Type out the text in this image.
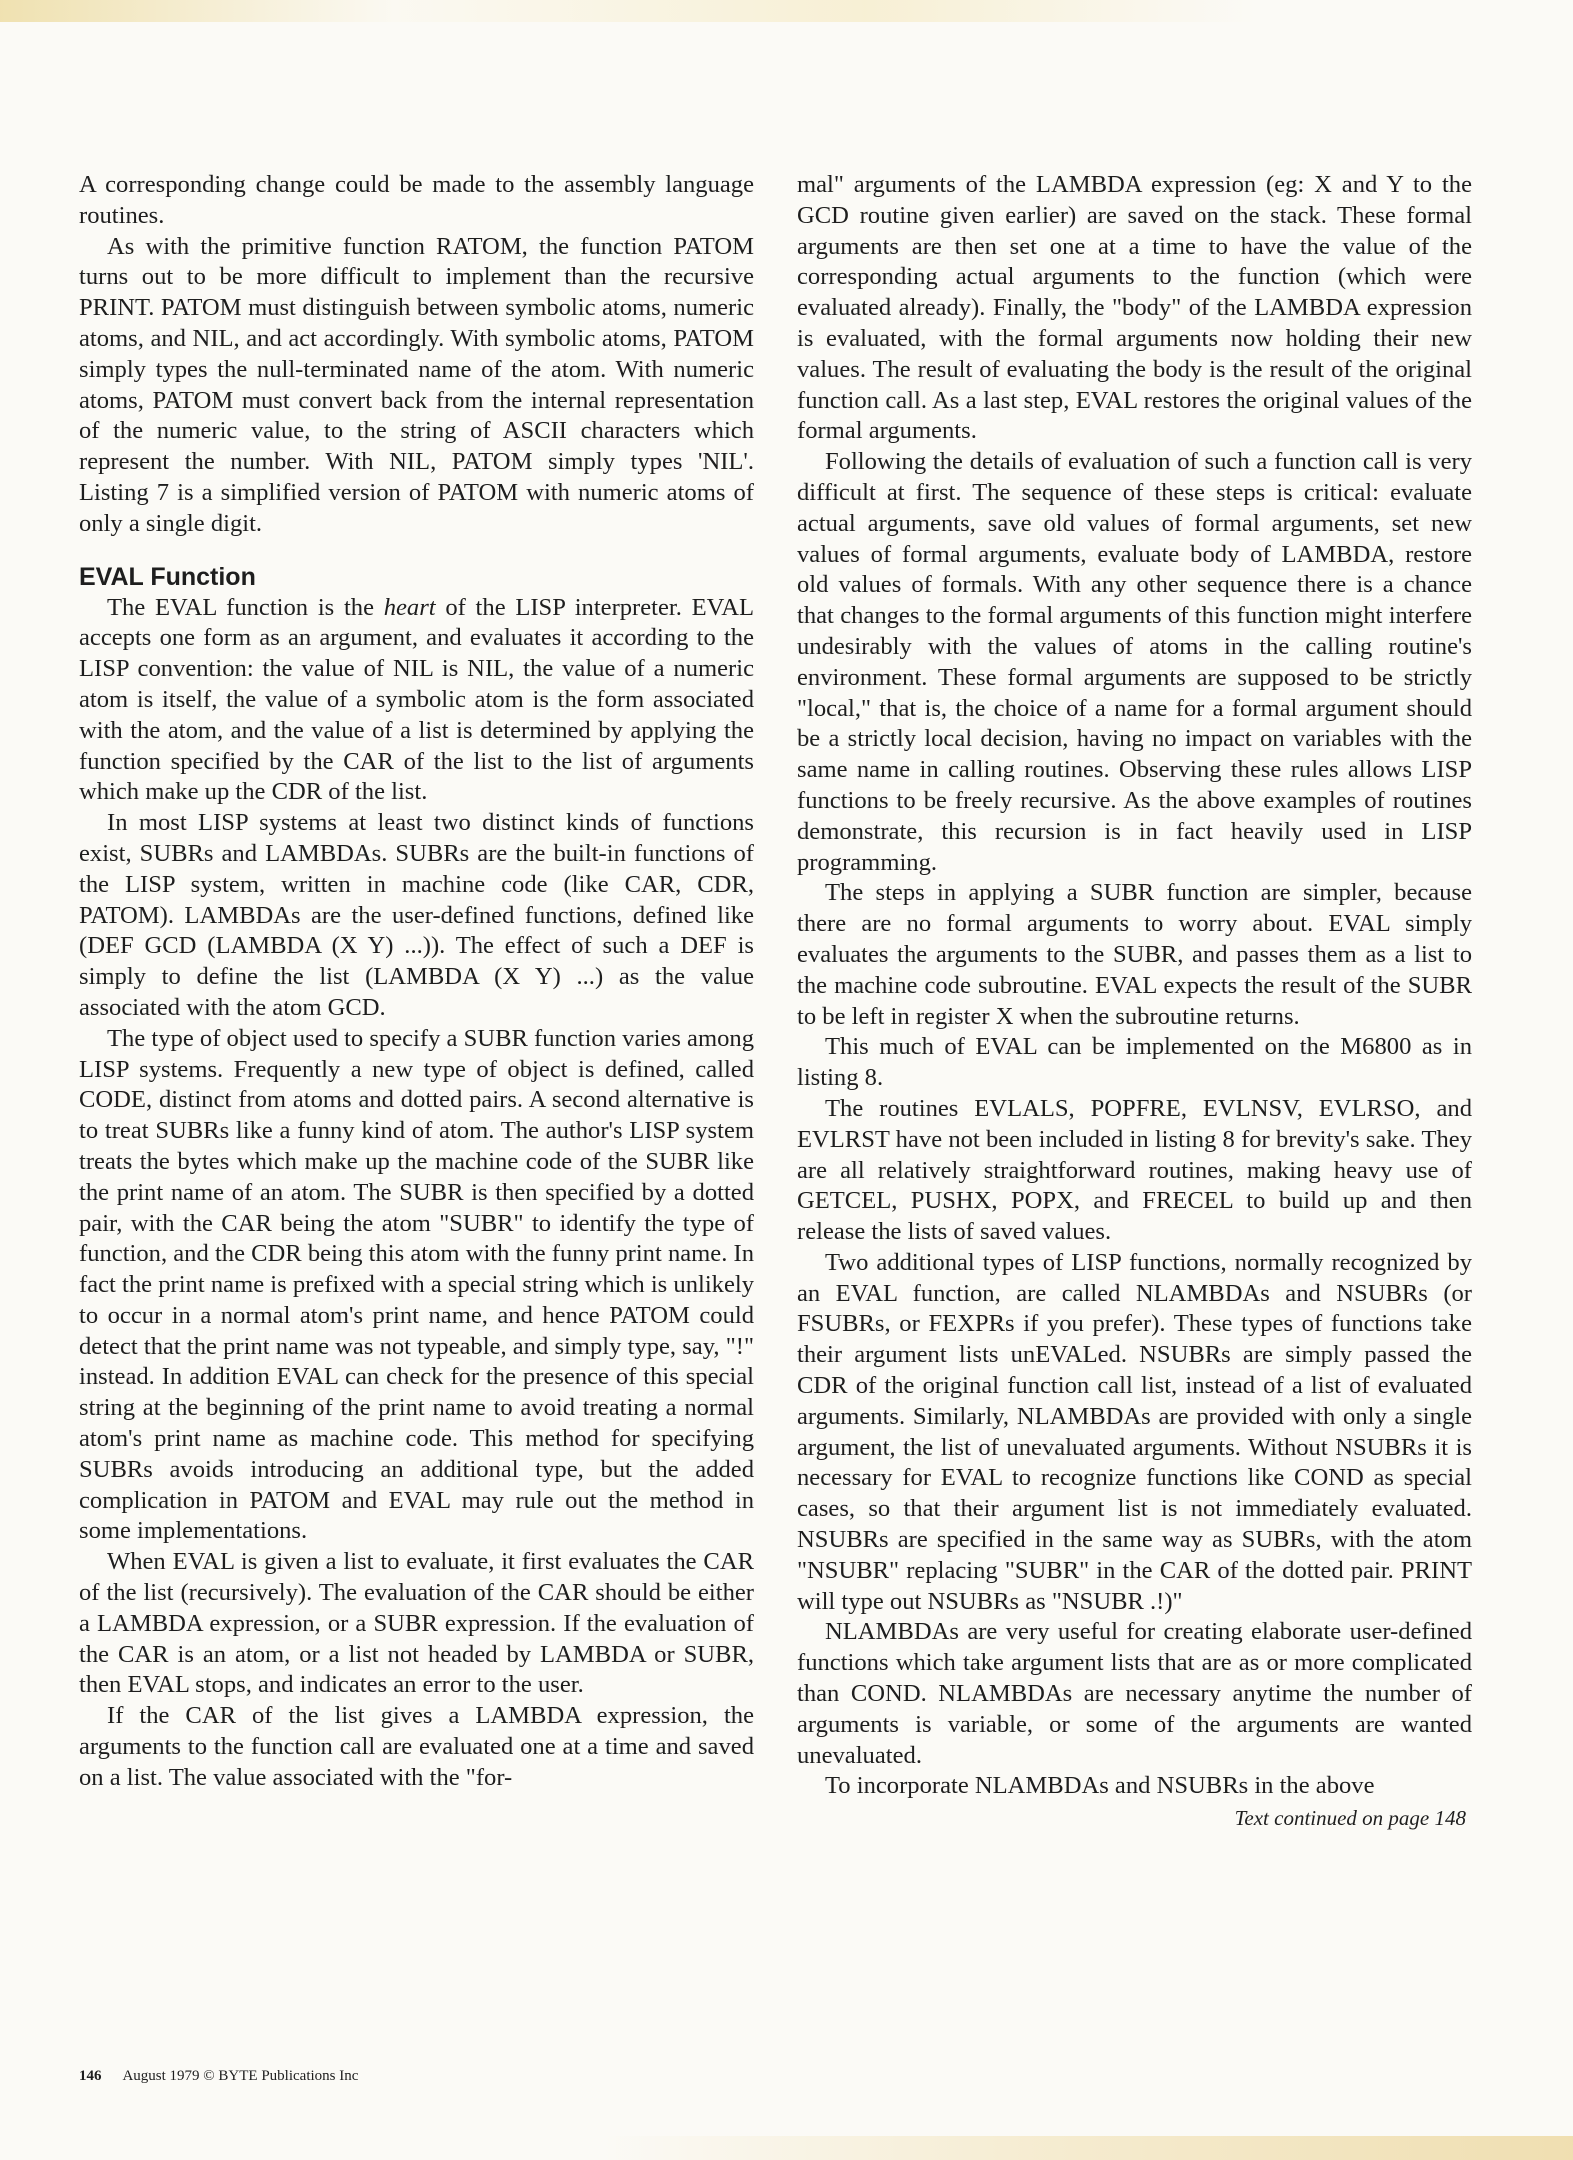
A corresponding change could be made to the assembly language routines.

As with the primitive function RATOM, the function PATOM turns out to be more difficult to implement than the recursive PRINT. PATOM must distinguish between symbolic atoms, numeric atoms, and NIL, and act accordingly. With symbolic atoms, PATOM simply types the null-terminated name of the atom. With numeric atoms, PATOM must convert back from the internal representation of the numeric value, to the string of ASCII characters which represent the number. With NIL, PATOM simply types 'NIL'. Listing 7 is a simplified version of PATOM with numeric atoms of only a single digit.

EVAL Function

The EVAL function is the heart of the LISP interpreter. EVAL accepts one form as an argument, and evaluates it according to the LISP convention: the value of NIL is NIL, the value of a numeric atom is itself, the value of a symbolic atom is the form associated with the atom, and the value of a list is determined by applying the function specified by the CAR of the list to the list of arguments which make up the CDR of the list.

In most LISP systems at least two distinct kinds of functions exist, SUBRs and LAMBDAs. SUBRs are the built-in functions of the LISP system, written in machine code (like CAR, CDR, PATOM). LAMBDAs are the user-defined functions, defined like (DEF GCD (LAMBDA (X Y) ...)). The effect of such a DEF is simply to define the list (LAMBDA (X Y) ...) as the value associated with the atom GCD.

The type of object used to specify a SUBR function varies among LISP systems. Frequently a new type of object is defined, called CODE, distinct from atoms and dotted pairs. A second alternative is to treat SUBRs like a funny kind of atom. The author's LISP system treats the bytes which make up the machine code of the SUBR like the print name of an atom. The SUBR is then specified by a dotted pair, with the CAR being the atom "SUBR" to identify the type of function, and the CDR being this atom with the funny print name. In fact the print name is prefixed with a special string which is unlikely to occur in a normal atom's print name, and hence PATOM could detect that the print name was not typeable, and simply type, say, "!" instead. In addition EVAL can check for the presence of this special string at the beginning of the print name to avoid treating a normal atom's print name as machine code. This method for specifying SUBRs avoids introducing an additional type, but the added complication in PATOM and EVAL may rule out the method in some implementations.

When EVAL is given a list to evaluate, it first evaluates the CAR of the list (recursively). The evaluation of the CAR should be either a LAMBDA expression, or a SUBR expression. If the evaluation of the CAR is an atom, or a list not headed by LAMBDA or SUBR, then EVAL stops, and indicates an error to the user.

If the CAR of the list gives a LAMBDA expression, the arguments to the function call are evaluated one at a time and saved on a list. The value associated with the "for-

mal" arguments of the LAMBDA expression (eg: X and Y to the GCD routine given earlier) are saved on the stack. These formal arguments are then set one at a time to have the value of the corresponding actual arguments to the function (which were evaluated already). Finally, the "body" of the LAMBDA expression is evaluated, with the formal arguments now holding their new values. The result of evaluating the body is the result of the original function call. As a last step, EVAL restores the original values of the formal arguments.

Following the details of evaluation of such a function call is very difficult at first. The sequence of these steps is critical: evaluate actual arguments, save old values of formal arguments, set new values of formal arguments, evaluate body of LAMBDA, restore old values of formals. With any other sequence there is a chance that changes to the formal arguments of this function might interfere undesirably with the values of atoms in the calling routine's environment. These formal arguments are supposed to be strictly "local," that is, the choice of a name for a formal argument should be a strictly local decision, having no impact on variables with the same name in calling routines. Observing these rules allows LISP functions to be freely recursive. As the above examples of routines demonstrate, this recursion is in fact heavily used in LISP programming.

The steps in applying a SUBR function are simpler, because there are no formal arguments to worry about. EVAL simply evaluates the arguments to the SUBR, and passes them as a list to the machine code subroutine. EVAL expects the result of the SUBR to be left in register X when the subroutine returns.

This much of EVAL can be implemented on the M6800 as in listing 8.

The routines EVLALS, POPFRE, EVLNSV, EVLRSO, and EVLRST have not been included in listing 8 for brevity's sake. They are all relatively straightforward routines, making heavy use of GETCEL, PUSHX, POPX, and FRECEL to build up and then release the lists of saved values.

Two additional types of LISP functions, normally recognized by an EVAL function, are called NLAMBDAs and NSUBRs (or FSUBRs, or FEXPRs if you prefer). These types of functions take their argument lists unEVALed. NSUBRs are simply passed the CDR of the original function call list, instead of a list of evaluated arguments. Similarly, NLAMBDAs are provided with only a single argument, the list of unevaluated arguments. Without NSUBRs it is necessary for EVAL to recognize functions like COND as special cases, so that their argument list is not immediately evaluated. NSUBRs are specified in the same way as SUBRs, with the atom "NSUBR" replacing "SUBR" in the CAR of the dotted pair. PRINT will type out NSUBRs as "NSUBR .!)"

NLAMBDAs are very useful for creating elaborate user-defined functions which take argument lists that are as or more complicated than COND. NLAMBDAs are necessary anytime the number of arguments is variable, or some of the arguments are wanted unevaluated.

To incorporate NLAMBDAs and NSUBRs in the above

Text continued on page 148
146 August 1979 © BYTE Publications Inc
